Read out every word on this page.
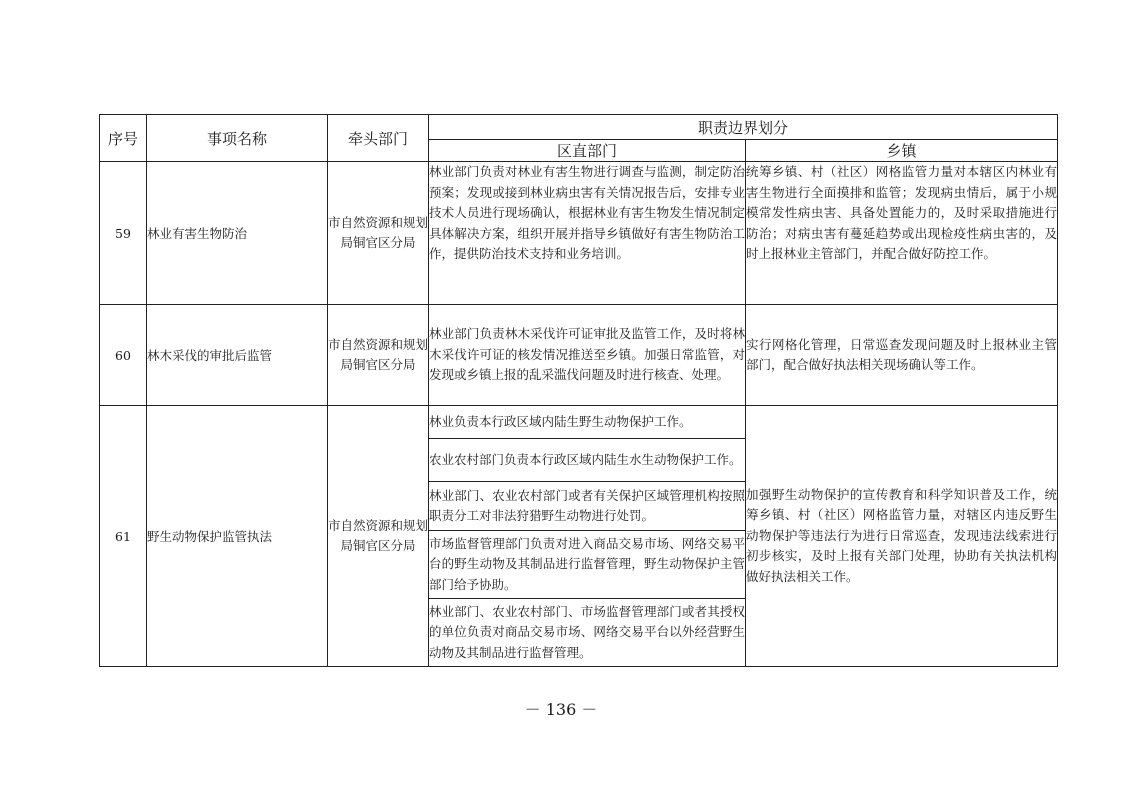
序号	事项名称	牵头部门	职责边界划分	
			区直部门	乡镇
59	林业有害生物防治	市自然资源和规划局铜官区分局	林业部门负责对林业有害生物进行调查与监测，制定防治预案；发现或接到林业病虫害有关情况报告后，安排专业技术人员进行现场确认，根据林业有害生物发生情况制定具体解决方案，组织开展并指导乡镇做好有害生物防治工作，提供防治技术支持和业务培训。	统筹乡镇、村（社区）网格监管力量对本辖区内林业有害生物进行全面摸排和监管；发现病虫情后，属于小规模常发性病虫害、具备处置能力的，及时采取措施进行防治；对病虫害有蔓延趋势或出现检疫性病虫害的，及时上报林业主管部门，并配合做好防控工作。
60	林木采伐的审批后监管	市自然资源和规划局铜官区分局	林业部门负责林木采伐许可证审批及监管工作，及时将林木采伐许可证的核发情况推送至乡镇。加强日常监管，对发现或乡镇上报的乱采滥伐问题及时进行核查、处理。	实行网格化管理，日常巡查发现问题及时上报林业主管部门，配合做好执法相关现场确认等工作。
61	野生动物保护监管执法	市自然资源和规划局铜官区分局	林业负责本行政区域内陆生野生动物保护工作。	加强野生动物保护的宣传教育和科学知识普及工作，统筹乡镇、村（社区）网格监管力量，对辖区内违反野生动物保护等违法行为进行日常巡查，发现违法线索进行初步核实，及时上报有关部门处理，协助有关执法机构做好执法相关工作。
			农业农村部门负责本行政区域内陆生水生动物保护工作。	
			林业部门、农业农村部门或者有关保护区域管理机构按照职责分工对非法狩猎野生动物进行处罚。	
			市场监督管理部门负责对进入商品交易市场、网络交易平台的野生动物及其制品进行监督管理，野生动物保护主管部门给予协助。	
			林业部门、农业农村部门、市场监督管理部门或者其授权的单位负责对商品交易市场、网络交易平台以外经营野生动物及其制品进行监督管理。	
－ 136 －
